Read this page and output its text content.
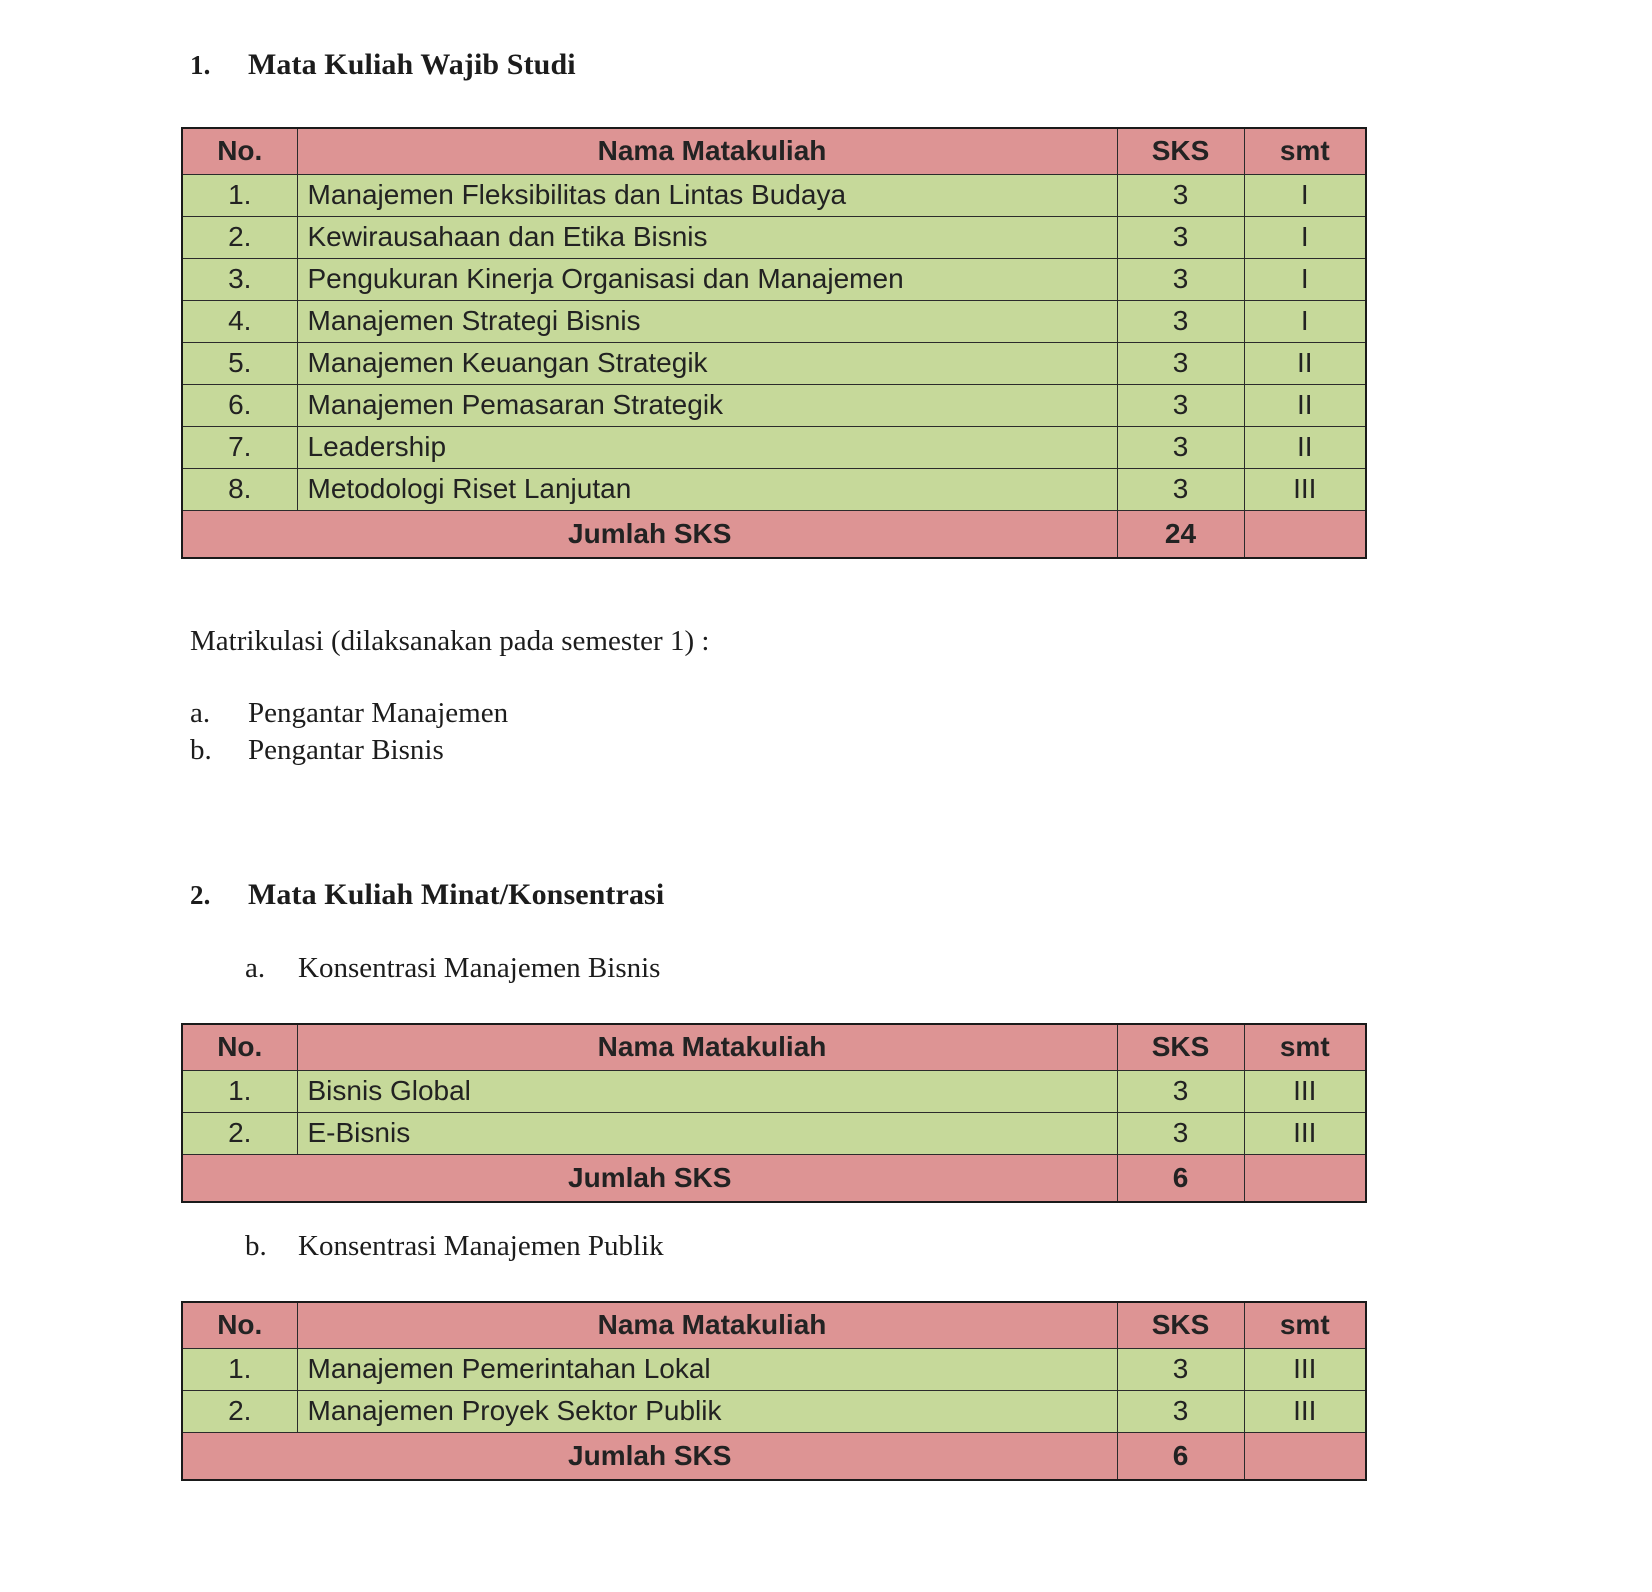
1.	Mata Kuliah Wajib Studi
No.	Nama Matakuliah	SKS	smt
1.	Manajemen Fleksibilitas dan Lintas Budaya	3	I
2.	Kewirausahaan dan Etika Bisnis	3	I
3.	Pengukuran Kinerja Organisasi dan Manajemen	3	I
4.	Manajemen Strategi Bisnis	3	I
5.	Manajemen Keuangan Strategik	3	II
6.	Manajemen Pemasaran Strategik	3	II
7.	Leadership	3	II
8.	Metodologi Riset Lanjutan	3	III
Jumlah SKS		24	
Matrikulasi (dilaksanakan pada semester 1) :
a.	Pengantar Manajemen
b.	Pengantar Bisnis
2.	Mata Kuliah Minat/Konsentrasi
a.	Konsentrasi Manajemen Bisnis
No.	Nama Matakuliah	SKS	smt
1.	Bisnis Global	3	III
2.	E-Bisnis	3	III
Jumlah SKS		6	
b.	Konsentrasi Manajemen Publik
No.	Nama Matakuliah	SKS	smt
1.	Manajemen Pemerintahan Lokal	3	III
2.	Manajemen Proyek Sektor Publik	3	III
Jumlah SKS		6	
